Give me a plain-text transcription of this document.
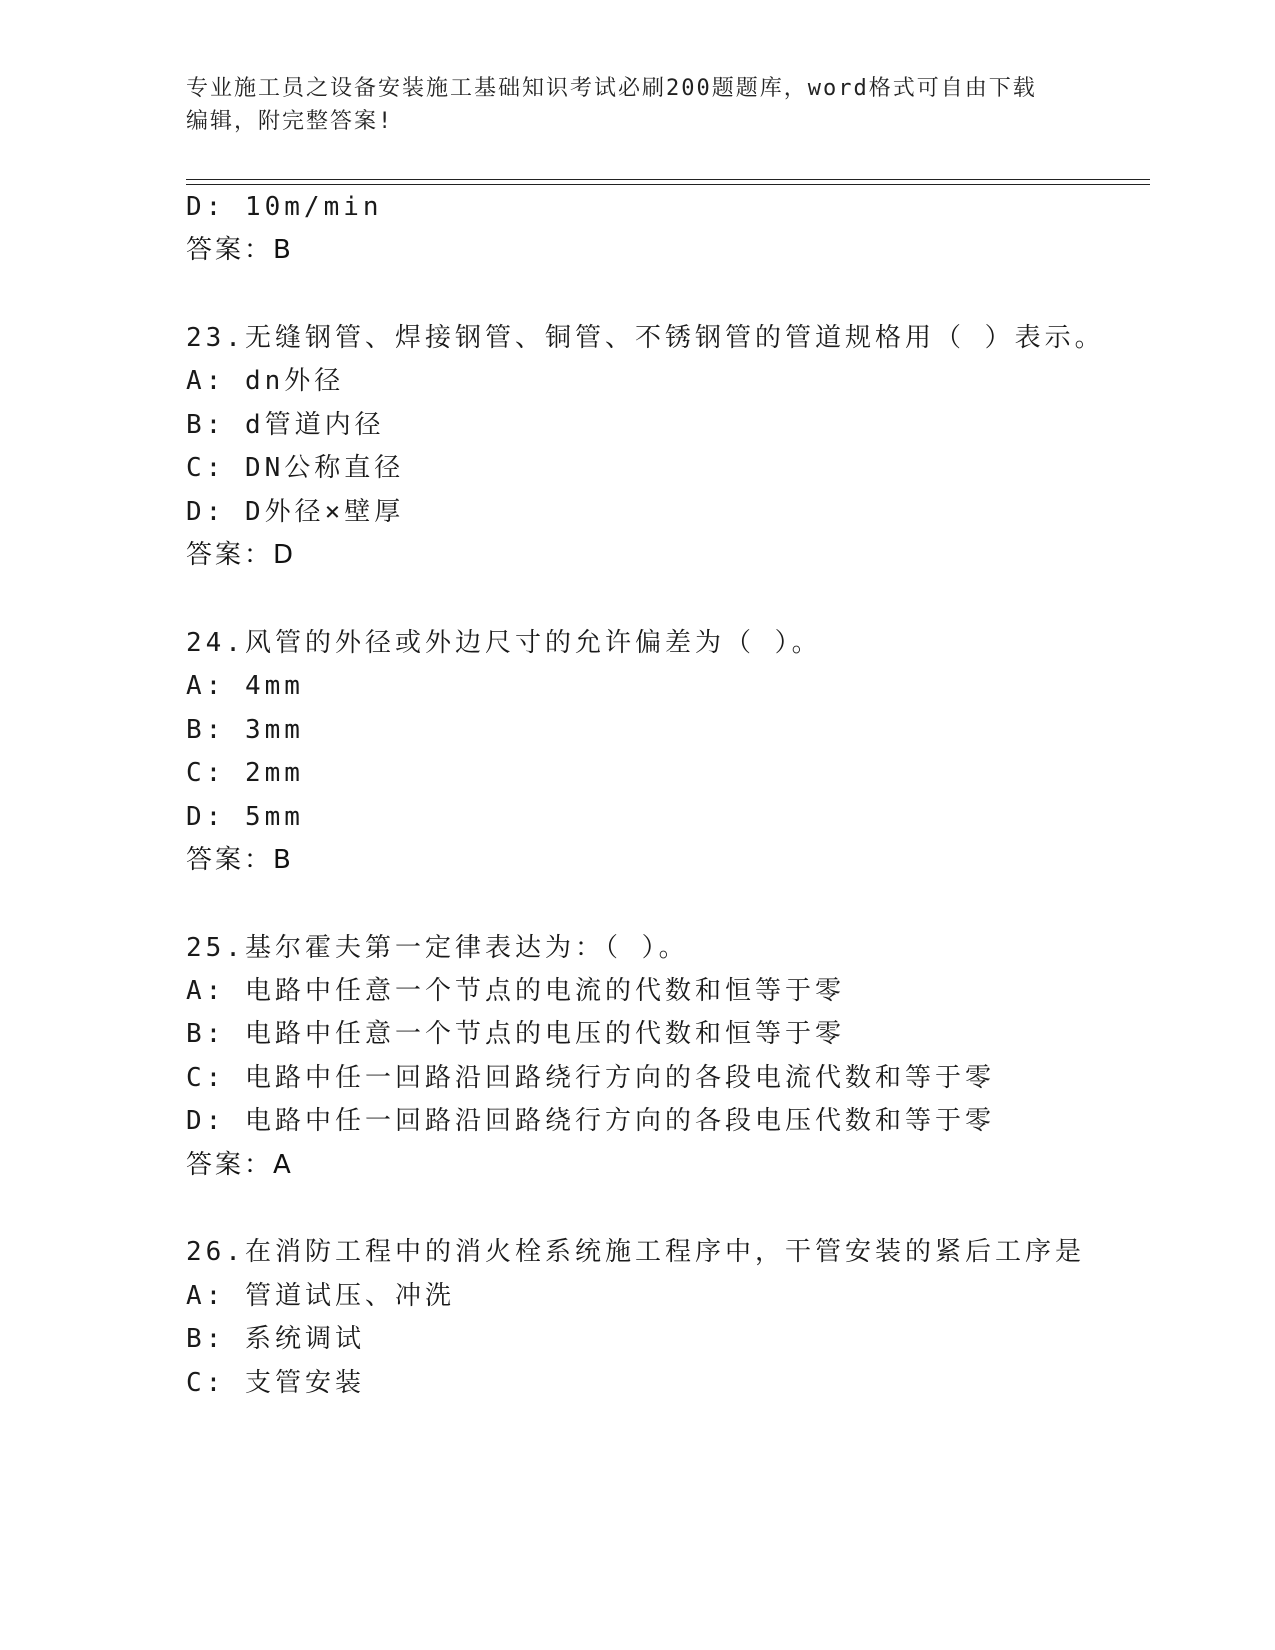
专业施工员之设备安装施工基础知识考试必刷200题题库，word格式可自由下载
编辑，附完整答案!
D: 10m/min
答案：B
23.无缝钢管、焊接钢管、铜管、不锈钢管的管道规格用（ ）表示。
A: dn外径
B: d管道内径
C: DN公称直径
D: D外径×壁厚
答案：D
24.风管的外径或外边尺寸的允许偏差为（ ）。
A: 4mm
B: 3mm
C: 2mm
D: 5mm
答案：B
25.基尔霍夫第一定律表达为：（ ）。
A: 电路中任意一个节点的电流的代数和恒等于零
B: 电路中任意一个节点的电压的代数和恒等于零
C: 电路中任一回路沿回路绕行方向的各段电流代数和等于零
D: 电路中任一回路沿回路绕行方向的各段电压代数和等于零
答案：A
26.在消防工程中的消火栓系统施工程序中，干管安装的紧后工序是
A: 管道试压、冲洗
B: 系统调试
C: 支管安装
